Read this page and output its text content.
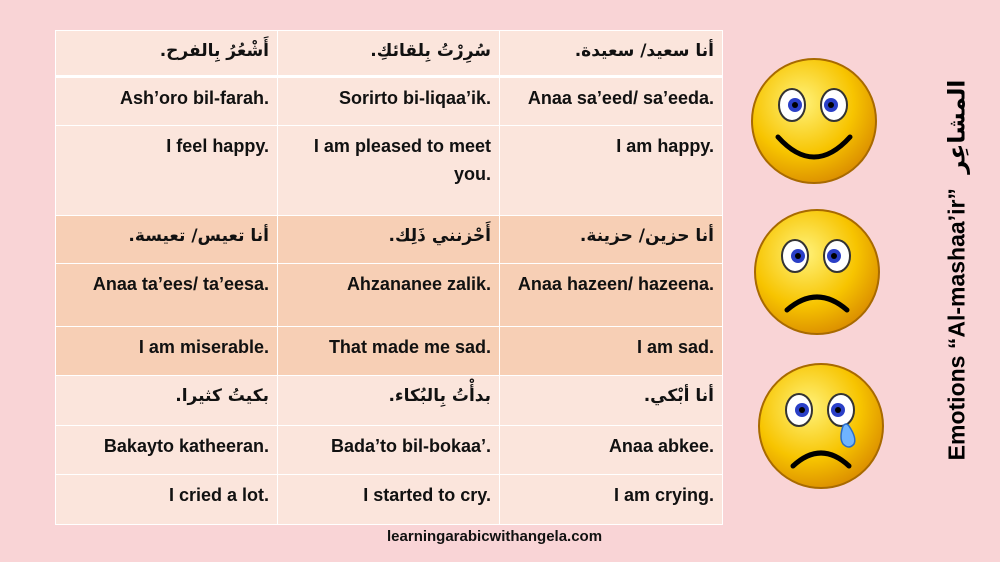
أَشْعُرُ بِالفرح.	سُرِرْتُ بِلقائكِ.	أنا سعيد/ سعيدة.
Ash’oro bil-farah.	Sorirto bi-liqaa’ik.	Anaa sa’eed/ sa’eeda.
I feel happy.	I am pleased to meet you.	I am happy.
أنا تعيس/ تعيسة.	أَحْزنني ذَلِك.	أنا حزين/ حزينة.
Anaa ta’ees/ ta’eesa.	Ahzananee zalik.	Anaa hazeen/ hazeena.
I am miserable.	That made me sad.	I am sad.
بكيتُ كثيرا.	بدأْتُ بِالبُكاء.	أنا أبْكي.
Bakayto katheeran.	Bada’to bil-bokaa’.	Anaa abkee.
I cried a lot.	I started to cry.	I am crying.
Emotions “Al-mashaa’ir” المشاعِر
learningarabicwithangela.com
